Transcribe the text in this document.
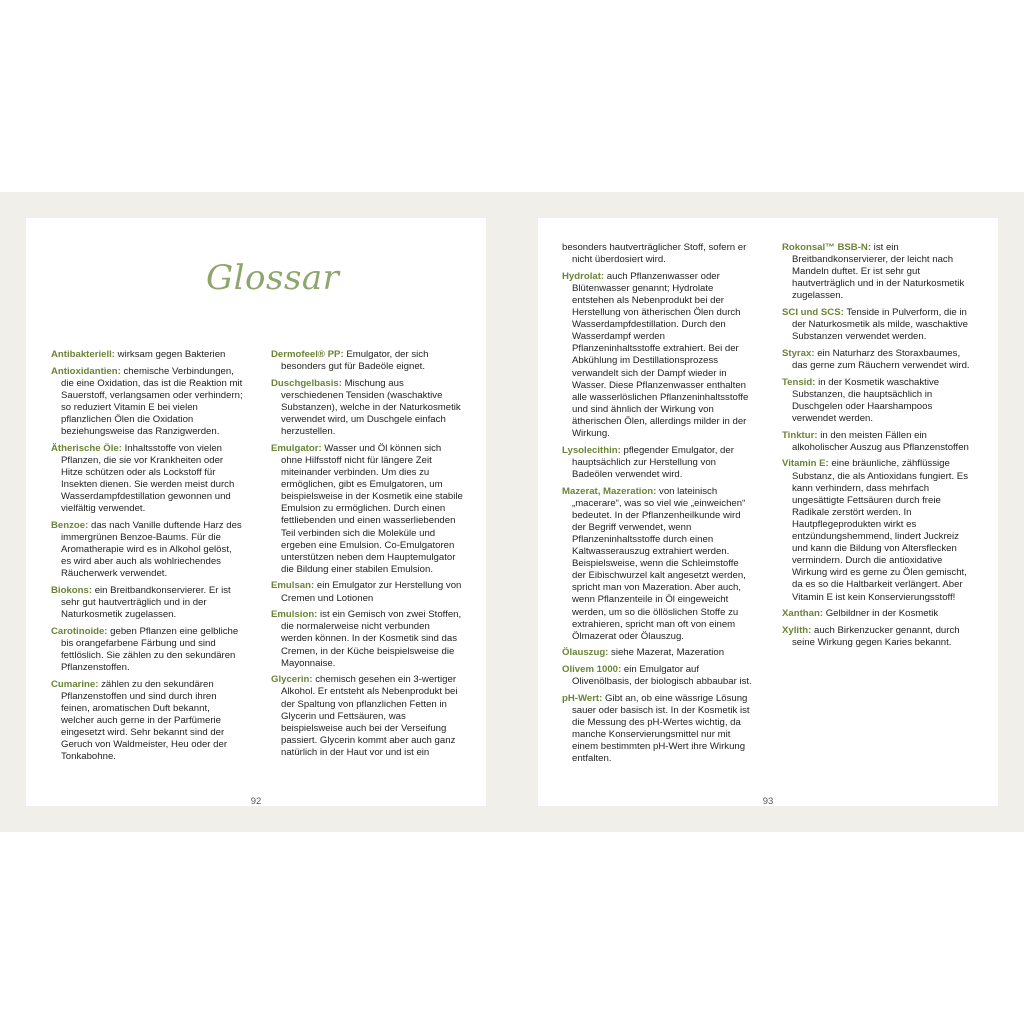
Glossar

Antibakteriell: wirksam gegen Bakterien

Antioxidantien: chemische Verbindungen, die eine Oxidation, das ist die Reaktion mit Sauerstoff, verlangsamen oder verhindern; so reduziert Vitamin E bei vielen pflanzlichen Ölen die Oxidation beziehungsweise das Ranzigwerden.

Ätherische Öle: Inhaltsstoffe von vielen Pflanzen, die sie vor Krankheiten oder Hitze schützen oder als Lockstoff für Insekten dienen. Sie werden meist durch Wasserdampfdestillation gewonnen und vielfältig verwendet.

Benzoe: das nach Vanille duftende Harz des immergrünen Benzoe-Baums. Für die Aromatherapie wird es in Alkohol gelöst, es wird aber auch als wohlriechendes Räucherwerk verwendet.

Biokons: ein Breitbandkonservierer. Er ist sehr gut hautverträglich und in der Naturkosmetik zugelassen.

Carotinoide: geben Pflanzen eine gelbliche bis orangefarbene Färbung und sind fettlöslich. Sie zählen zu den sekundären Pflanzenstoffen.

Cumarine: zählen zu den sekundären Pflanzenstoffen und sind durch ihren feinen, aromatischen Duft bekannt, welcher auch gerne in der Parfümerie eingesetzt wird. Sehr bekannt sind der Geruch von Waldmeister, Heu oder der Tonkabohne.

Dermofeel® PP: Emulgator, der sich besonders gut für Badeöle eignet.

Duschgelbasis: Mischung aus verschiedenen Tensiden (waschaktive Substanzen), welche in der Naturkosmetik verwendet wird, um Duschgele einfach herzustellen.

Emulgator: Wasser und Öl können sich ohne Hilfsstoff nicht für längere Zeit miteinander verbinden. Um dies zu ermöglichen, gibt es Emulgatoren, um beispielsweise in der Kosmetik eine stabile Emulsion zu ermöglichen. Durch einen fettliebenden und einen wasserliebenden Teil verbinden sich die Moleküle und ergeben eine Emulsion. Co-Emulgatoren unterstützen neben dem Hauptemulgator die Bildung einer stabilen Emulsion.

Emulsan: ein Emulgator zur Herstellung von Cremen und Lotionen

Emulsion: ist ein Gemisch von zwei Stoffen, die normalerweise nicht verbunden werden können. In der Kosmetik sind das Cremen, in der Küche beispielsweise die Mayonnaise.

Glycerin: chemisch gesehen ein 3-wertiger Alkohol. Er entsteht als Nebenprodukt bei der Spaltung von pflanzlichen Fetten in Glycerin und Fettsäuren, was beispielsweise auch bei der Verseifung passiert. Glycerin kommt aber auch ganz natürlich in der Haut vor und ist ein

92

besonders hautverträglicher Stoff, sofern er nicht überdosiert wird.

Hydrolat: auch Pflanzenwasser oder Blütenwasser genannt; Hydrolate entstehen als Nebenprodukt bei der Herstellung von ätherischen Ölen durch Wasserdampfdestillation. Durch den Wasserdampf werden Pflanzeninhaltsstoffe extrahiert. Bei der Abkühlung im Destillationsprozess verwandelt sich der Dampf wieder in Wasser. Diese Pflanzenwasser enthalten alle wasserlöslichen Pflanzeninhaltsstoffe und sind ähnlich der Wirkung von ätherischen Ölen, allerdings milder in der Wirkung.

Lysolecithin: pflegender Emulgator, der hauptsächlich zur Herstellung von Badeölen verwendet wird.

Mazerat, Mazeration: von lateinisch „macerare“, was so viel wie „einweichen“ bedeutet. In der Pflanzenheilkunde wird der Begriff verwendet, wenn Pflanzeninhaltsstoffe durch einen Kaltwasserauszug extrahiert werden. Beispielsweise, wenn die Schleimstoffe der Eibischwurzel kalt angesetzt werden, spricht man von Mazeration. Aber auch, wenn Pflanzenteile in Öl eingeweicht werden, um so die öllöslichen Stoffe zu extrahieren, spricht man oft von einem Ölmazerat oder Ölauszug.

Ölauszug: siehe Mazerat, Mazeration

Olivem 1000: ein Emulgator auf Olivenölbasis, der biologisch abbaubar ist.

pH-Wert: Gibt an, ob eine wässrige Lösung sauer oder basisch ist. In der Kosmetik ist die Messung des pH-Wertes wichtig, da manche Konservierungsmittel nur mit einem bestimmten pH-Wert ihre Wirkung entfalten.

Rokonsal™ BSB-N: ist ein Breitbandkonservierer, der leicht nach Mandeln duftet. Er ist sehr gut hautverträglich und in der Naturkosmetik zugelassen.

SCI und SCS: Tenside in Pulverform, die in der Naturkosmetik als milde, waschaktive Substanzen verwendet werden.

Styrax: ein Naturharz des Storaxbaumes, das gerne zum Räuchern verwendet wird.

Tensid: in der Kosmetik waschaktive Substanzen, die hauptsächlich in Duschgelen oder Haarshampoos verwendet werden.

Tinktur: in den meisten Fällen ein alkoholischer Auszug aus Pflanzenstoffen

Vitamin E: eine bräunliche, zähflüssige Substanz, die als Antioxidans fungiert. Es kann verhindern, dass mehrfach ungesättigte Fettsäuren durch freie Radikale zerstört werden. In Hautpflegeprodukten wirkt es entzündungshemmend, lindert Juckreiz und kann die Bildung von Altersflecken vermindern. Durch die antioxidative Wirkung wird es gerne zu Ölen gemischt, da es so die Haltbarkeit verlängert. Aber Vitamin E ist kein Konservierungsstoff!

Xanthan: Gelbildner in der Kosmetik

Xylith: auch Birkenzucker genannt, durch seine Wirkung gegen Karies bekannt.

93
